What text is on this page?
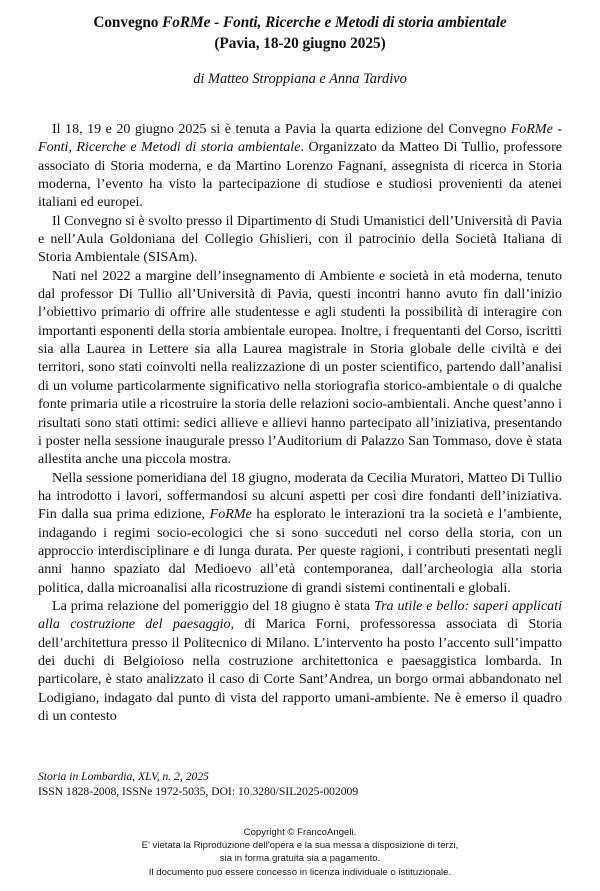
Convegno FoRMe - Fonti, Ricerche e Metodi di storia ambientale
(Pavia, 18-20 giugno 2025)
di Matteo Stroppiana e Anna Tardivo

Il 18, 19 e 20 giugno 2025 si è tenuta a Pavia la quarta edizione del Convegno FoRMe - Fonti, Ricerche e Metodi di storia ambientale. Organizzato da Matteo Di Tullio, professore associato di Storia moderna, e da Martino Lorenzo Fagnani, assegnista di ricerca in Storia moderna, l’evento ha visto la partecipazione di studiose e studiosi provenienti da atenei italiani ed europei.

Il Convegno si è svolto presso il Dipartimento di Studi Umanistici dell’Università di Pavia e nell’Aula Goldoniana del Collegio Ghislieri, con il patrocinio della Società Italiana di Storia Ambientale (SISAm).

Nati nel 2022 a margine dell’insegnamento di Ambiente e società in età moderna, tenuto dal professor Di Tullio all’Università di Pavia, questi incontri hanno avuto fin dall’inizio l’obiettivo primario di offrire alle studentesse e agli studenti la possibilità di interagire con importanti esponenti della storia ambientale europea. Inoltre, i frequentanti del Corso, iscritti sia alla Laurea in Lettere sia alla Laurea magistrale in Storia globale delle civiltà e dei territori, sono stati coinvolti nella realizzazione di un poster scientifico, partendo dall’analisi di un volume particolarmente significativo nella storiografia storico-ambientale o di qualche fonte primaria utile a ricostruire la storia delle relazioni socio-ambientali. Anche quest’anno i risultati sono stati ottimi: sedici allieve e allievi hanno partecipato all’iniziativa, presentando i poster nella sessione inaugurale presso l’Auditorium di Palazzo San Tommaso, dove è stata allestita anche una piccola mostra.

Nella sessione pomeridiana del 18 giugno, moderata da Cecilia Muratori, Matteo Di Tullio ha introdotto i lavori, soffermandosi su alcuni aspetti per così dire fondanti dell’iniziativa. Fin dalla sua prima edizione, FoRMe ha esplorato le interazioni tra la società e l’ambiente, indagando i regimi socio-ecologici che si sono succeduti nel corso della storia, con un approccio interdisciplinare e di lunga durata. Per queste ragioni, i contributi presentati negli anni hanno spaziato dal Medioevo all’età contemporanea, dall’archeologia alla storia politica, dalla microanalisi alla ricostruzione di grandi sistemi continentali e globali.

La prima relazione del pomeriggio del 18 giugno è stata Tra utile e bello: saperi applicati alla costruzione del paesaggio, di Marica Forni, professoressa associata di Storia dell’architettura presso il Politecnico di Milano. L’intervento ha posto l’accento sull’impatto dei duchi di Belgioioso nella costruzione architettonica e paesaggistica lombarda. In particolare, è stato analizzato il caso di Corte Sant’Andrea, un borgo ormai abbandonato nel Lodigiano, indagato dal punto di vista del rapporto umani-ambiente. Ne è emerso il quadro di un contesto

Storia in Lombardia, XLV, n. 2, 2025
ISSN 1828-2008, ISSNe 1972-5035, DOI: 10.3280/SIL2025-002009
Copyright © FrancoAngeli.
E' vietata la Riproduzione dell'opera e la sua messa a disposizione di terzi,
sia in forma gratuita sia a pagamento.
Il documento può essere concesso in licenza individuale o istituzionale.
